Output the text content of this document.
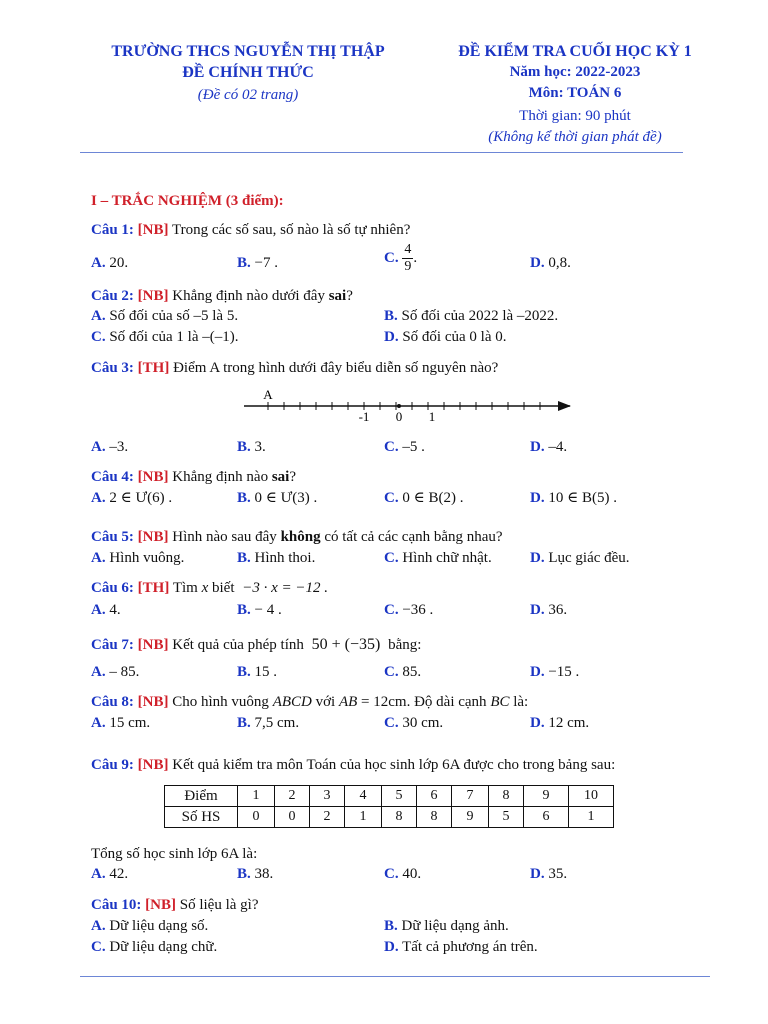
TRƯỜNG THCS NGUYỄN THỊ THẬP
ĐỀ CHÍNH THỨC
(Đề có 02 trang)
ĐỀ KIỂM TRA CUỐI HỌC KỲ 1
Năm học: 2022-2023
Môn: TOÁN 6
Thời gian: 90 phút
(Không kể thời gian phát đề)
I – TRẮC NGHIỆM (3 điểm):
Câu 1: [NB] Trong các số sau, số nào là số tự nhiên?
A. 20.	B. −7 .	C. $\frac{4}{9}$ .	D. 0,8.
Câu 2: [NB] Khẳng định nào dưới đây sai?
A. Số đối của số –5 là 5.	B. Số đối của 2022 là –2022.
C. Số đối của 1 là –(–1).	D. Số đối của 0 là 0.
Câu 3: [TH] Điểm A trong hình dưới đây biểu diễn số nguyên nào?
A
-1 0 1
A. –3.	B. 3.	C. –5 .	D. –4.
Câu 4: [NB] Khẳng định nào sai?
A. 2 ∈ Ư(6) .	B. 0 ∈ Ư(3) .	C. 0 ∈ B(2) .	D. 10 ∈ B(5) .
Câu 5: [NB] Hình nào sau đây không có tất cả các cạnh bằng nhau?
A. Hình vuông.	B. Hình thoi.	C. Hình chữ nhật.	D. Lục giác đều.
Câu 6: [TH] Tìm x biết −3 · x = −12 .
A. 4.	B. − 4 .	C. −36 .	D. 36.
Câu 7: [NB] Kết quả của phép tính 50 + (−35) bằng:
A. – 85.	B. 15 .	C. 85.	D. −15 .
Câu 8: [NB] Cho hình vuông ABCD với AB = 12cm. Độ dài cạnh BC là:
A. 15 cm.	B. 7,5 cm.	C. 30 cm.	D. 12 cm.
Câu 9: [NB] Kết quả kiểm tra môn Toán của học sinh lớp 6A được cho trong bảng sau:
Điểm	1	2	3	4	5	6	7	8	9	10
Số HS	0	0	2	1	8	8	9	5	6	1
Tổng số học sinh lớp 6A là:
A. 42.	B. 38.	C. 40.	D. 35.
Câu 10: [NB] Số liệu là gì?
A. Dữ liệu dạng số.	B. Dữ liệu dạng ảnh.
C. Dữ liệu dạng chữ.	D. Tất cả phương án trên.
